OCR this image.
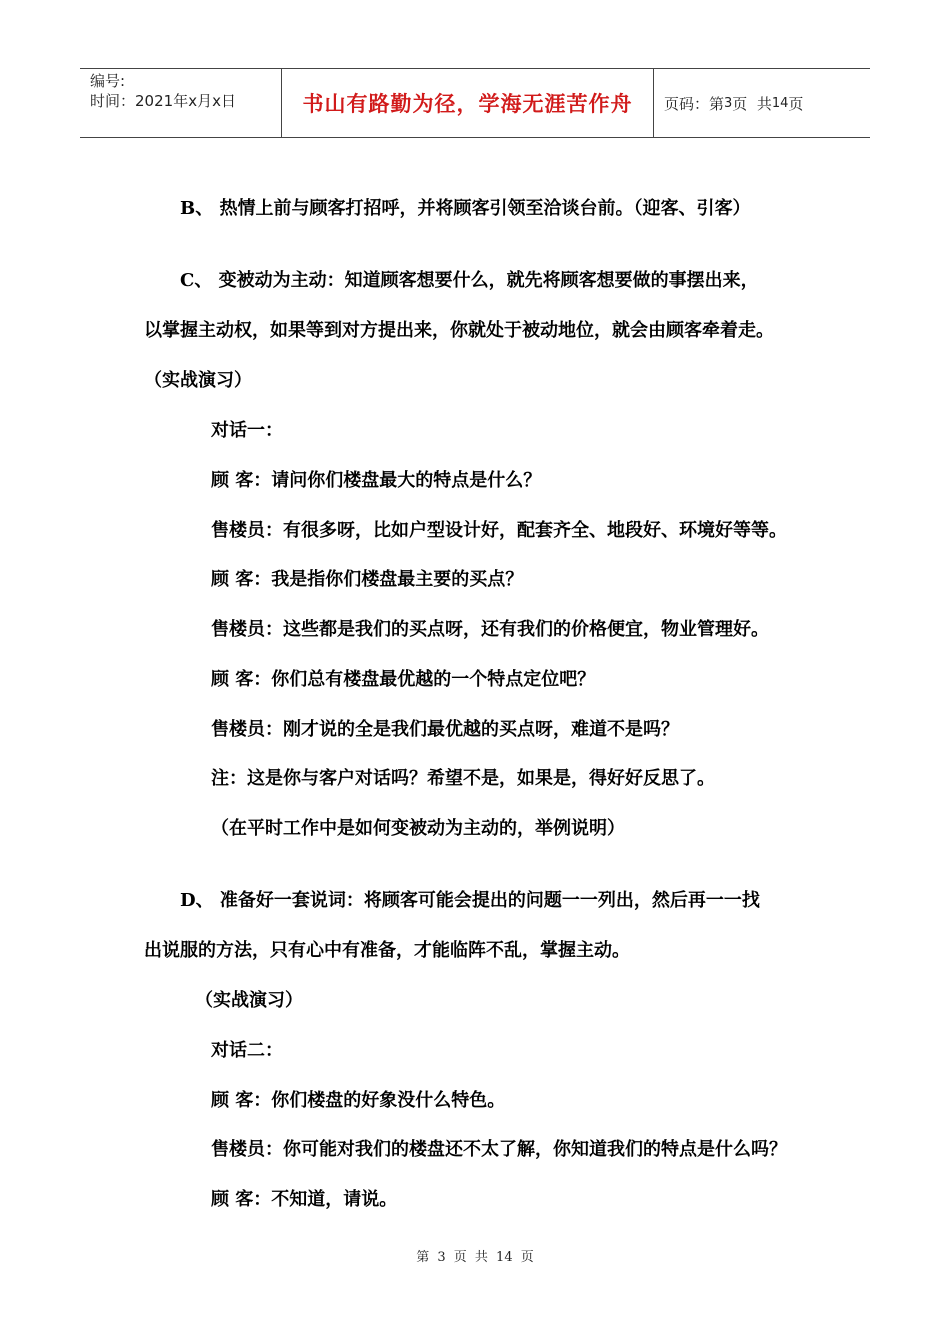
编号:
时间：2021年x月x日	书山有路勤为径，学海无涯苦作舟 页码：第 3 页  共 14 页
B、 热情上前与顾客打招呼，并将顾客引领至洽谈台前。（迎客、引客）
C、 变被动为主动：知道顾客想要什么，就先将顾客想要做的事摆出来，
以掌握主动权，如果等到对方提出来，你就处于被动地位，就会由顾客牵着走。
（实战演习）
对话一：
顾 客：请问你们楼盘最大的特点是什么？
售楼员：有很多呀，比如户型设计好，配套齐全、地段好、环境好等等。
顾 客：我是指你们楼盘最主要的买点？
售楼员：这些都是我们的买点呀，还有我们的价格便宜，物业管理好。
顾 客：你们总有楼盘最优越的一个特点定位吧？
售楼员：刚才说的全是我们最优越的买点呀，难道不是吗？
注：这是你与客户对话吗？希望不是，如果是，得好好反思了。
（在平时工作中是如何变被动为主动的，举例说明）
D、 准备好一套说词：将顾客可能会提出的问题一一列出，然后再一一找
出说服的方法，只有心中有准备，才能临阵不乱，掌握主动。
（实战演习）
对话二：
顾 客：你们楼盘的好象没什么特色。
售楼员：你可能对我们的楼盘还不太了解，你知道我们的特点是什么吗？
顾 客：不知道，请说。
第 3 页 共 14 页
